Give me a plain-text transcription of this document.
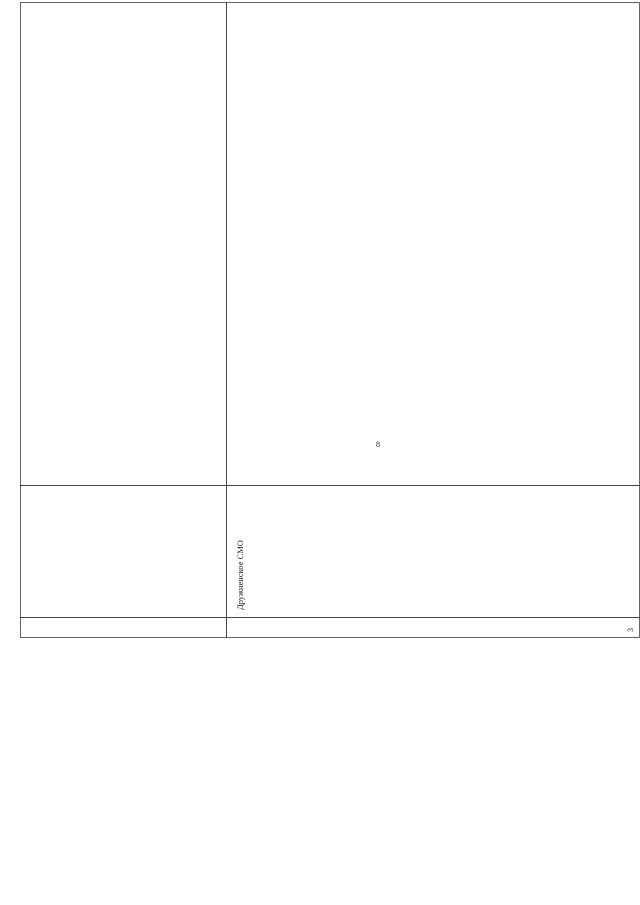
3
Дружненское СМО
8
